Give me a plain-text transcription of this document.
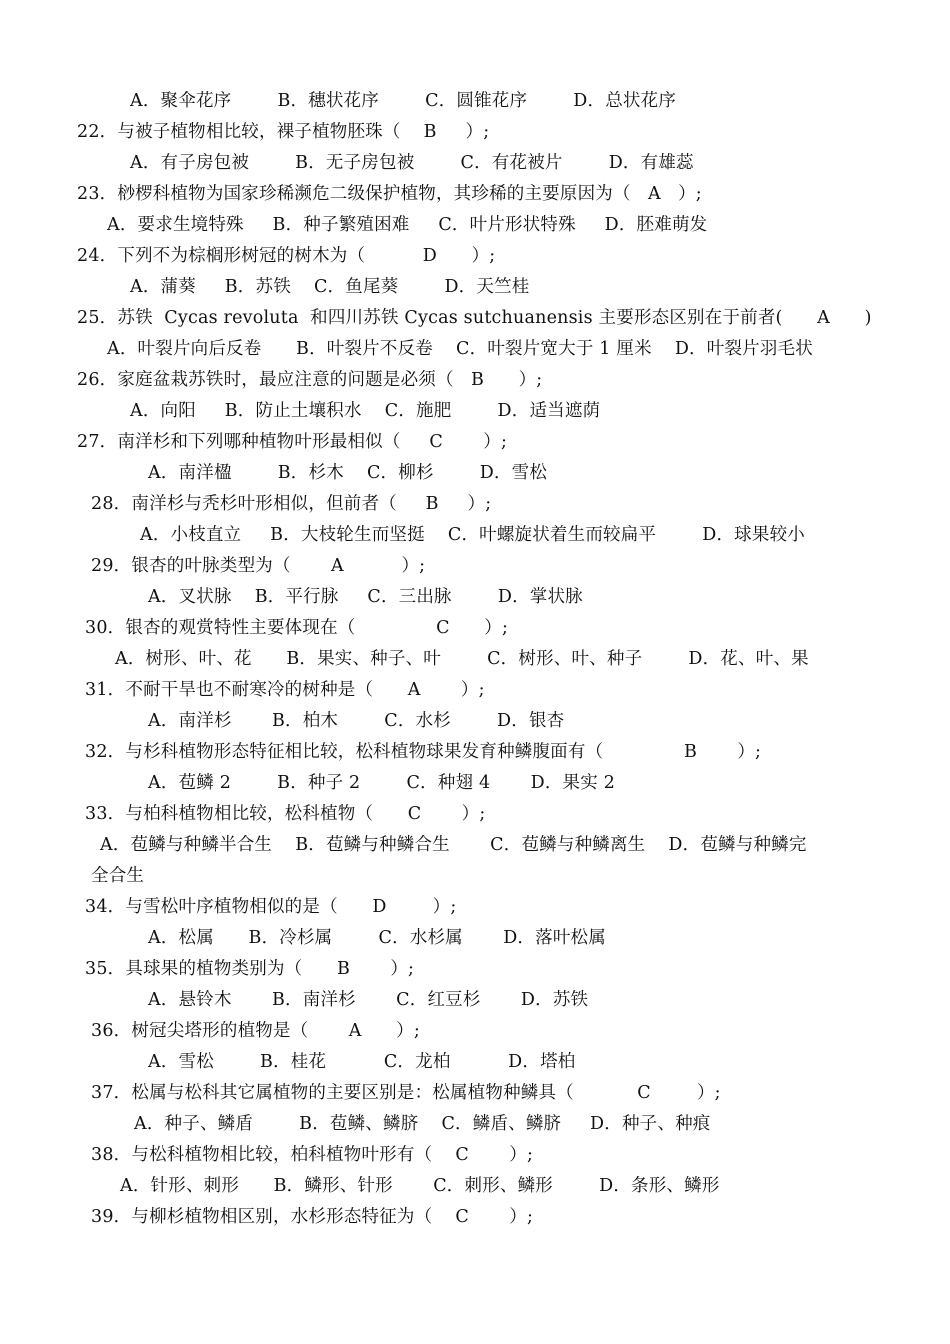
A．聚伞花序        B．穗状花序        C．圆锥花序        D．总状花序
22．与被子植物相比较，裸子植物胚珠（    B     ）;
A．有子房包被        B．无子房包被        C．有花被片        D．有雄蕊
23．桫椤科植物为国家珍稀濒危二级保护植物，其珍稀的主要原因为（   A   ）;
A．要求生境特殊     B．种子繁殖困难     C．叶片形状特殊     D．胚难萌发
24．下列不为棕榈形树冠的树木为（          D      ）;
A．蒲葵     B．苏铁    C．鱼尾葵        D．天竺桂
25．苏铁  Cycas revoluta  和四川苏铁 Cycas sutchuanensis 主要形态区别在于前者(      A      )
A．叶裂片向后反卷      B．叶裂片不反卷    C．叶裂片宽大于 1 厘米    D．叶裂片羽毛状
26．家庭盆栽苏铁时，最应注意的问题是必须（   B      ）;
A．向阳     B．防止土壤积水    C．施肥        D．适当遮荫
27．南洋杉和下列哪种植物叶形最相似（     C       ）;
A．南洋楹        B．杉木    C．柳杉        D．雪松
28．南洋杉与秃杉叶形相似，但前者（     B     ）;
A．小枝直立     B．大枝轮生而坚挺    C．叶螺旋状着生而较扁平        D．球果较小
29．银杏的叶脉类型为（       A          ）;
A．叉状脉    B．平行脉     C．三出脉        D．掌状脉
30．银杏的观赏特性主要体现在（              C      ）;
A．树形、叶、花      B．果实、种子、叶        C．树形、叶、种子        D．花、叶、果
31．不耐干旱也不耐寒冷的树种是（      A       ）;
A．南洋杉       B．柏木        C．水杉        D．银杏
32．与杉科植物形态特征相比较，松科植物球果发育种鳞腹面有（              B       ）;
A．苞鳞 2        B．种子 2        C．种翅 4       D．果实 2
33．与柏科植物相比较，松科植物（      C       ）;
A．苞鳞与种鳞半合生    B．苞鳞与种鳞合生       C．苞鳞与种鳞离生    D．苞鳞与种鳞完
全合生
34．与雪松叶序植物相似的是（      D        ）;
A．松属      B．冷杉属        C．水杉属       D．落叶松属
35．具球果的植物类别为（      B       ）;
A．悬铃木       B．南洋杉       C．红豆杉       D．苏铁
36．树冠尖塔形的植物是（       A      ）;
A．雪松        B．桂花          C．龙柏          D．塔柏
37．松属与松科其它属植物的主要区别是：松属植物种鳞具（           C        ）;
A．种子、鳞盾        B．苞鳞、鳞脐    C．鳞盾、鳞脐     D．种子、种痕
38．与松科植物相比较，柏科植物叶形有（    C       ）;
A．针形、刺形      B．鳞形、针形       C．刺形、鳞形        D．条形、鳞形
39．与柳杉植物相区别，水杉形态特征为（    C       ）;
